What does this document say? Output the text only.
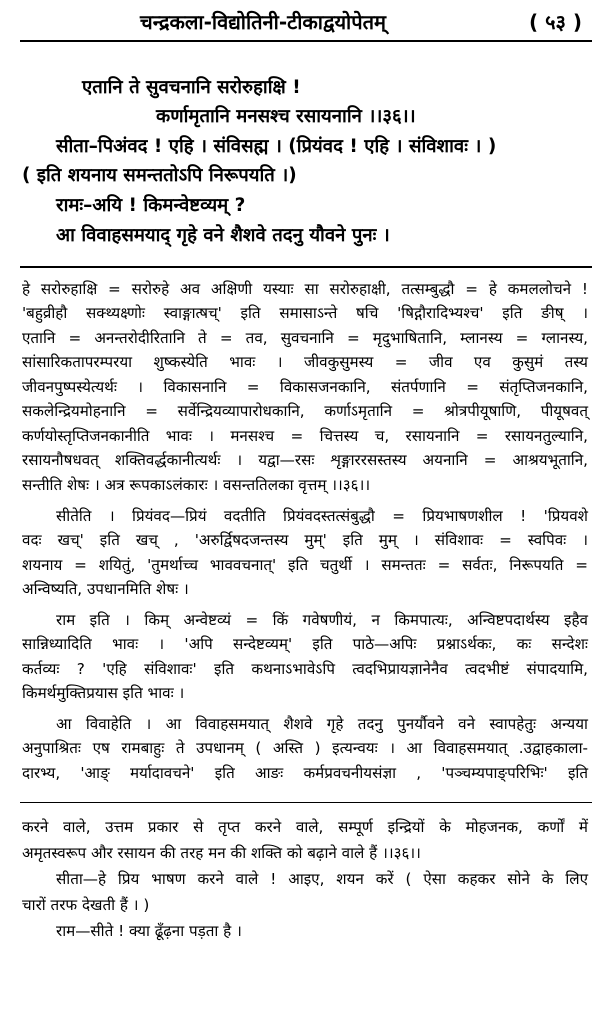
चन्द्रकला-विद्योतिनी-टीकाद्वयोपेतम्	( ५३ )
एतानि ते सुवचनानि सरोरुहाक्षि !
कर्णामृतानि मनसश्च रसायनानि ।।३६।।
सीता–पिअंवद ! एहि । संविसह्म । (प्रियंवद ! एहि । संविशावः । )
( इति शयनाय समन्ततोऽपि निरूपयति ।)
रामः–अयि ! किमन्वेष्टव्यम् ?
आ विवाहसमयाद् गृहे वने शैशवे तदनु यौवने पुनः ।
हे सरोरुहाक्षि = सरोरुहे अव अक्षिणी यस्याः सा सरोरुहाक्षी, तत्सम्बुद्धौ = हे कमललोचने !
'बहुव्रीहौ सक्थ्यक्ष्णोः स्वाङ्गात्षच्' इति समासाऽन्ते षचि 'षिद्गौरादिभ्यश्च' इति ङीष् ।
एतानि = अनन्तरोदीरितानि ते = तव, सुवचनानि = मृदुभाषितानि, म्लानस्य = ग्लानस्य,
सांसारिकतापरम्परया शुष्कस्येति भावः । जीवकुसुमस्य = जीव एव कुसुमं तस्य
जीवनपुष्पस्येत्यर्थः । विकासनानि = विकासजनकानि, संतर्पणानि = संतृप्तिजनकानि,
सकलेन्द्रियमोहनानि = सर्वेन्द्रियव्यापारोधकानि, कर्णाऽमृतानि = श्रोत्रपीयूषाणि, पीयूषवत्
कर्णयोस्तृप्तिजनकानीति भावः । मनसश्च = चित्तस्य च, रसायनानि = रसायनतुल्यानि,
रसायनौषधवत् शक्तिवर्द्धकानीत्यर्थः । यद्वा—रसः शृङ्गाररसस्तस्य अयनानि = आश्रयभूतानि,
सन्तीति शेषः । अत्र रूपकाऽलंकारः । वसन्ततिलका वृत्तम् ।।३६।।
सीतेति । प्रियंवद—प्रियं वदतीति प्रियंवदस्तत्संबुद्धौ = प्रियभाषणशील ! 'प्रियवशे
वदः खच्' इति खच् , 'अरुर्द्विषदजन्तस्य मुम्' इति मुम् । संविशावः = स्वपिवः ।
शयनाय = शयितुं, 'तुमर्थाच्च भाववचनात्' इति चतुर्थी । समन्ततः = सर्वतः, निरूपयति =
अन्विष्यति, उपधानमिति शेषः ।
राम इति । किम् अन्वेष्टव्यं = किं गवेषणीयं, न किमपात्यः, अन्विष्टपदार्थस्य इहैव
सान्निध्यादिति भावः । 'अपि सन्देष्टव्यम्' इति पाठे—अपिः प्रश्नाऽर्थकः, कः सन्देशः
कर्तव्यः ? 'एहि संविशावः' इति कथनाऽभावेऽपि त्वदभिप्रायज्ञानेनैव त्वदभीष्टं संपादयामि,
किमर्थमुक्तिप्रयास इति भावः ।
आ विवाहेति । आ विवाहसमयात् शैशवे गृहे तदनु पुनर्यौवने वने स्वापहेतुः अन्यया
अनुपाश्रितः एष रामबाहुः ते उपधानम् ( अस्ति ) इत्यन्वयः । आ विवाहसमयात् .उद्वाहकाला-
दारभ्य, 'आङ् मर्यादावचने' इति आङः कर्मप्रवचनीयसंज्ञा , 'पञ्चम्यपाङ्परिभिः' इति
करने वाले, उत्तम प्रकार से तृप्त करने वाले, सम्पूर्ण इन्द्रियों के मोहजनक, कर्णों में
अमृतस्वरूप और रसायन की तरह मन की शक्ति को बढ़ाने वाले हैं ।।३६।।
सीता—हे प्रिय भाषण करने वाले ! आइए, शयन करें ( ऐसा कहकर सोने के लिए
चारों तरफ देखती हैं । )
राम—सीते ! क्या ढूँढ़ना पड़ता है ।
